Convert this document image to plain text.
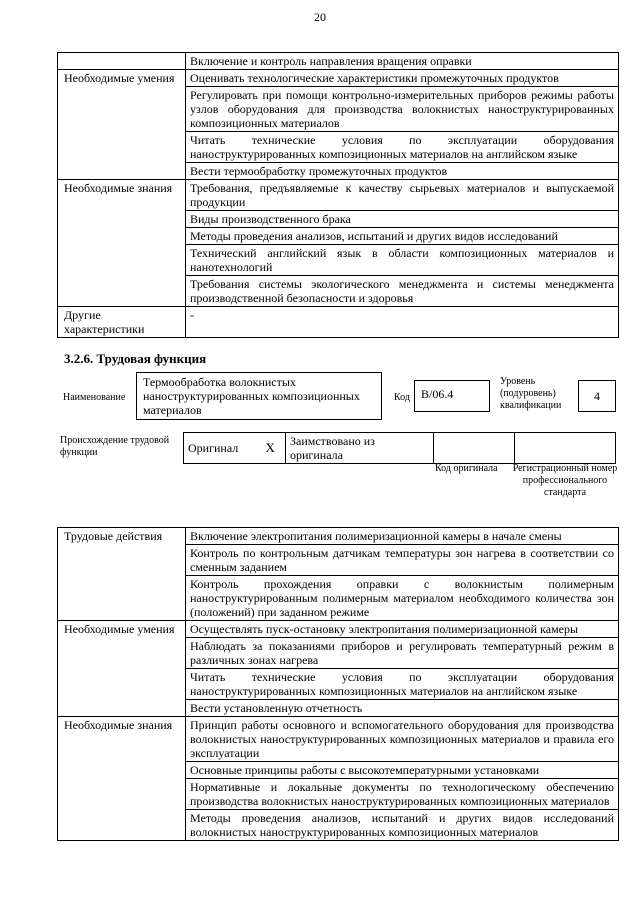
20
	Включение и контроль направления вращения оправки
Необходимые умения	Оценивать технологические характеристики промежуточных продуктов
	Регулировать при помощи контрольно-измерительных приборов режимы работы узлов оборудования для производства волокнистых наноструктурированных композиционных материалов
	Читать технические условия по эксплуатации оборудования наноструктурированных композиционных материалов на английском языке
	Вести термообработку промежуточных продуктов
Необходимые знания	Требования, предъявляемые к качеству сырьевых материалов и выпускаемой продукции
	Виды производственного брака
	Методы проведения анализов, испытаний и других видов исследований
	Технический английский язык в области композиционных материалов и нанотехнологий
	Требования системы экологического менеджмента и системы менеджмента производственной безопасности и здоровья
Другие характеристики	-
3.2.6. Трудовая функция
Наименование
Термообработка волокнистых наноструктурированных композиционных материалов
Код В/06.4
Уровень (подуровень) квалификации
4
Происхождение трудовой функции	Оригинал	X	Заимствовано из оригинала		
Код оригинала Регистрационный номер профессионального стандарта
Трудовые действия	Включение электропитания полимеризационной камеры в начале смены
	Контроль по контрольным датчикам температуры зон нагрева в соответствии со сменным заданием
	Контроль прохождения оправки с волокнистым полимерным наноструктурированным полимерным материалом необходимого количества зон (положений) при заданном режиме
Необходимые умения	Осуществлять пуск-остановку электропитания полимеризационной камеры
	Наблюдать за показаниями приборов и регулировать температурный режим в различных зонах нагрева
	Читать технические условия по эксплуатации оборудования наноструктурированных композиционных материалов на английском языке
	Вести установленную отчетность
Необходимые знания	Принцип работы основного и вспомогательного оборудования для производства волокнистых наноструктурированных композиционных материалов и правила его эксплуатации
	Основные принципы работы с высокотемпературными установками
	Нормативные и локальные документы по технологическому обеспечению производства волокнистых наноструктурированных композиционных материалов
	Методы проведения анализов, испытаний и других видов исследований волокнистых наноструктурированных композиционных материалов
